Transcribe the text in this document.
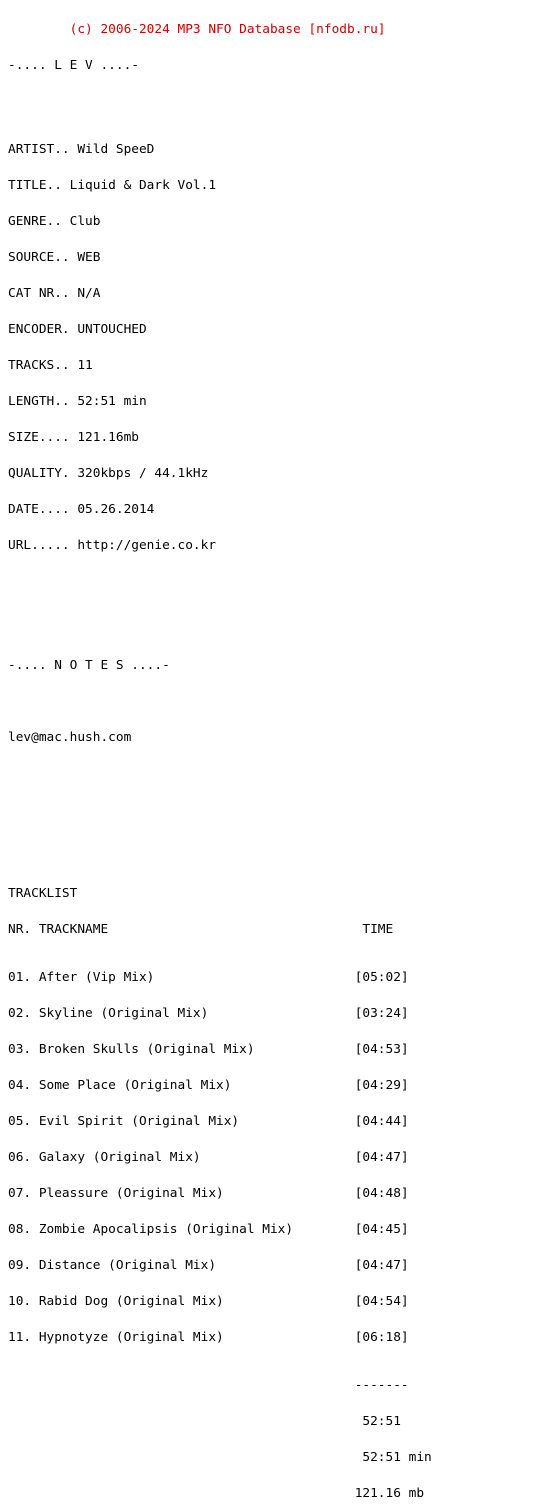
(c) 2006-2024 MP3 NFO Database [nfodb.ru]

-.... L E V ....-

ARTIST.. Wild SpeeD

TITLE.. Liquid & Dark Vol.1

GENRE.. Club

SOURCE.. WEB

CAT NR.. N/A

ENCODER. UNTOUCHED

TRACKS.. 11

LENGTH.. 52:51 min

SIZE.... 121.16mb

QUALITY. 320kbps / 44.1kHz

DATE.... 05.26.2014

URL..... http://genie.co.kr

-.... N O T E S ....-

lev@mac.hush.com

TRACKLIST

NR. TRACKNAME                                 TIME

01. After (Vip Mix)                          [05:02]

02. Skyline (Original Mix)                   [03:24]

03. Broken Skulls (Original Mix)             [04:53]

04. Some Place (Original Mix)                [04:29]

05. Evil Spirit (Original Mix)               [04:44]

06. Galaxy (Original Mix)                    [04:47]

07. Pleassure (Original Mix)                 [04:48]

08. Zombie Apocalipsis (Original Mix)        [04:45]

09. Distance (Original Mix)                  [04:47]

10. Rabid Dog (Original Mix)                 [04:54]

11. Hypnotyze (Original Mix)                 [06:18]

-------

52:51

52:51 min

121.16 mb
